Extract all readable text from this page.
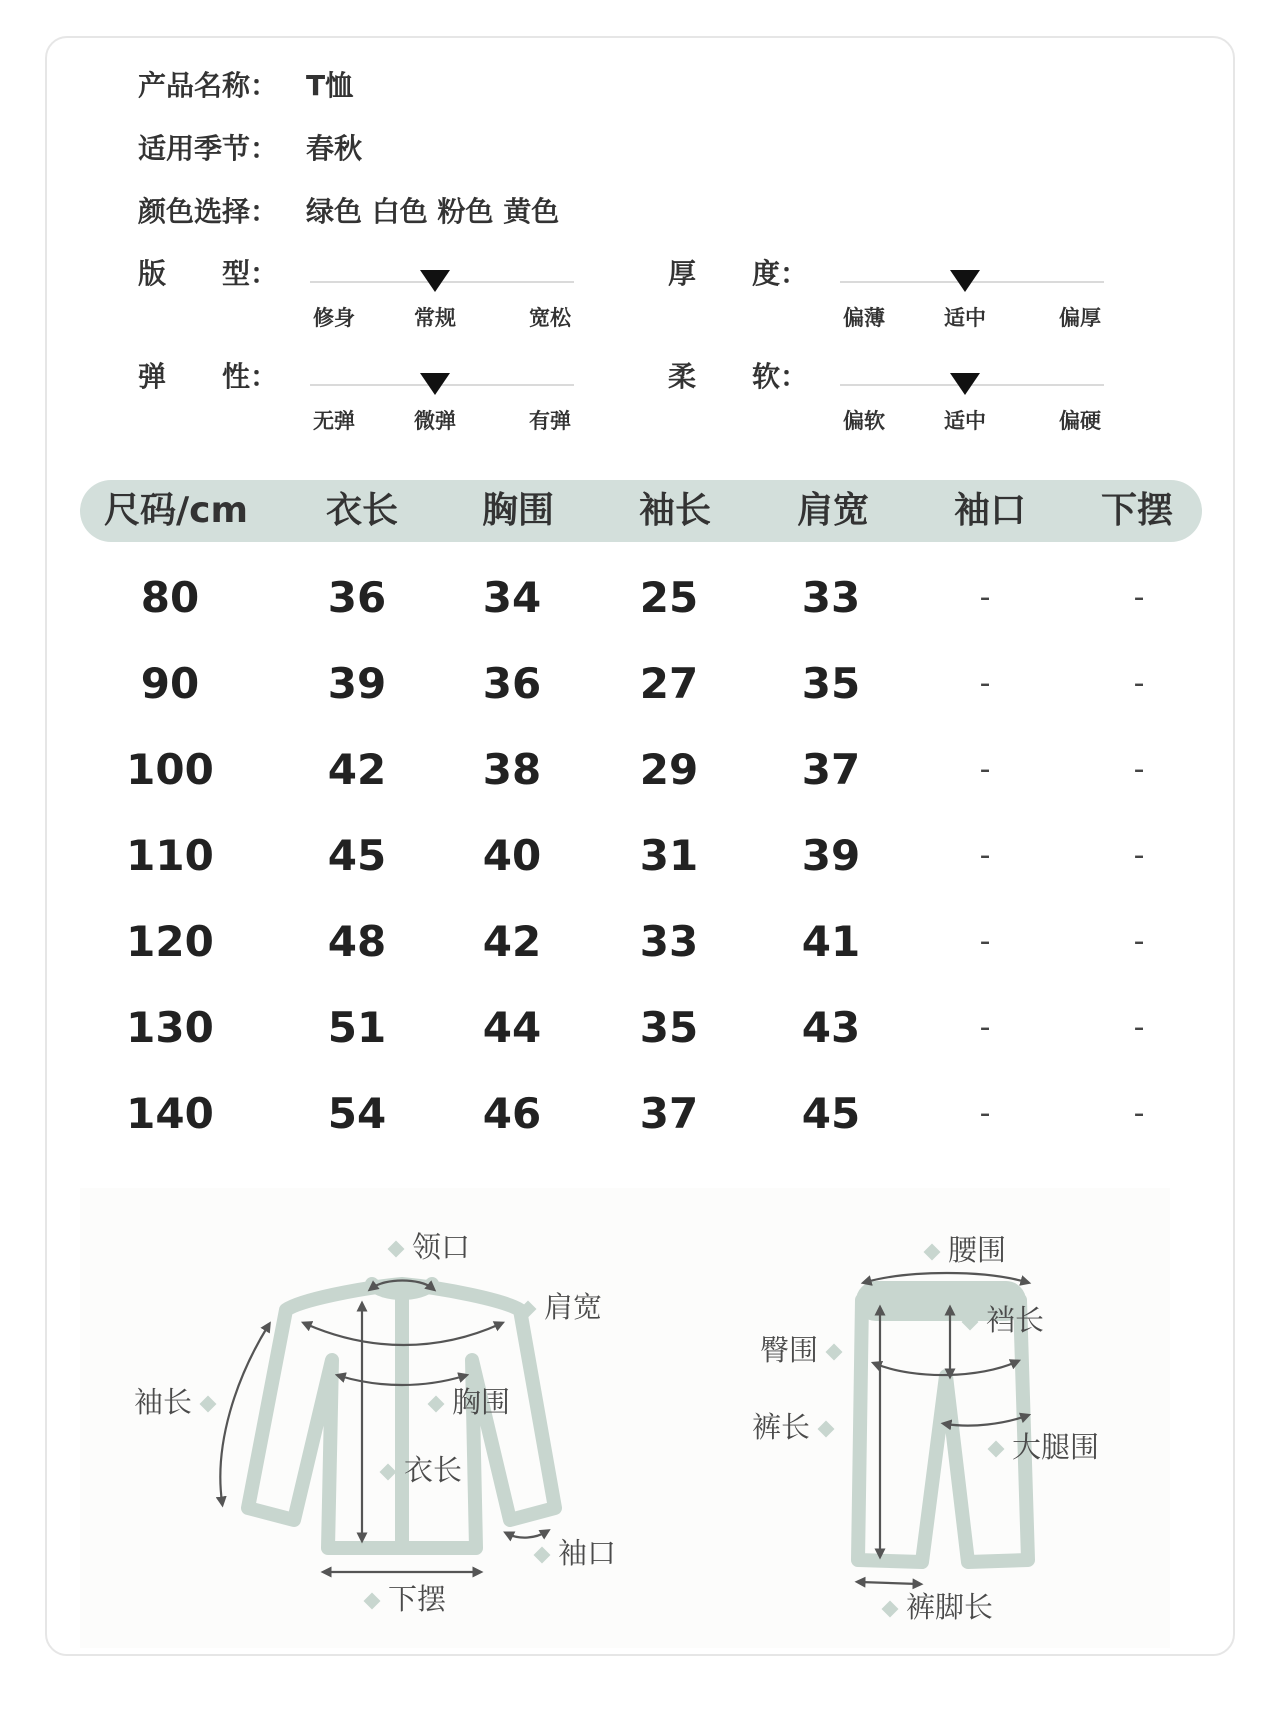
产品名称： T恤
适用季节： 春秋
颜色选择： 绿色 白色 粉色 黄色
版　　型：
修身	常规	宽松
厚　　度：
偏薄	适中	偏厚
弹　　性：
无弹	微弹	有弹
柔　　软：
偏软	适中	偏硬
尺码/cm	衣长	胸围	袖长	肩宽	袖口	下摆
80	36	34	25	33	-	-
90	39	36	27	35	-	-
100	42	38	29	37	-	-
110	45	40	31	39	-	-
120	48	42	33	41	-	-
130	51	44	35	43	-	-
140	54	46	37	45	-	-
领口
肩宽
袖长	胸围
衣长
袖口
下摆
腰围
裆长
臀围
裤长
大腿围
裤脚长
